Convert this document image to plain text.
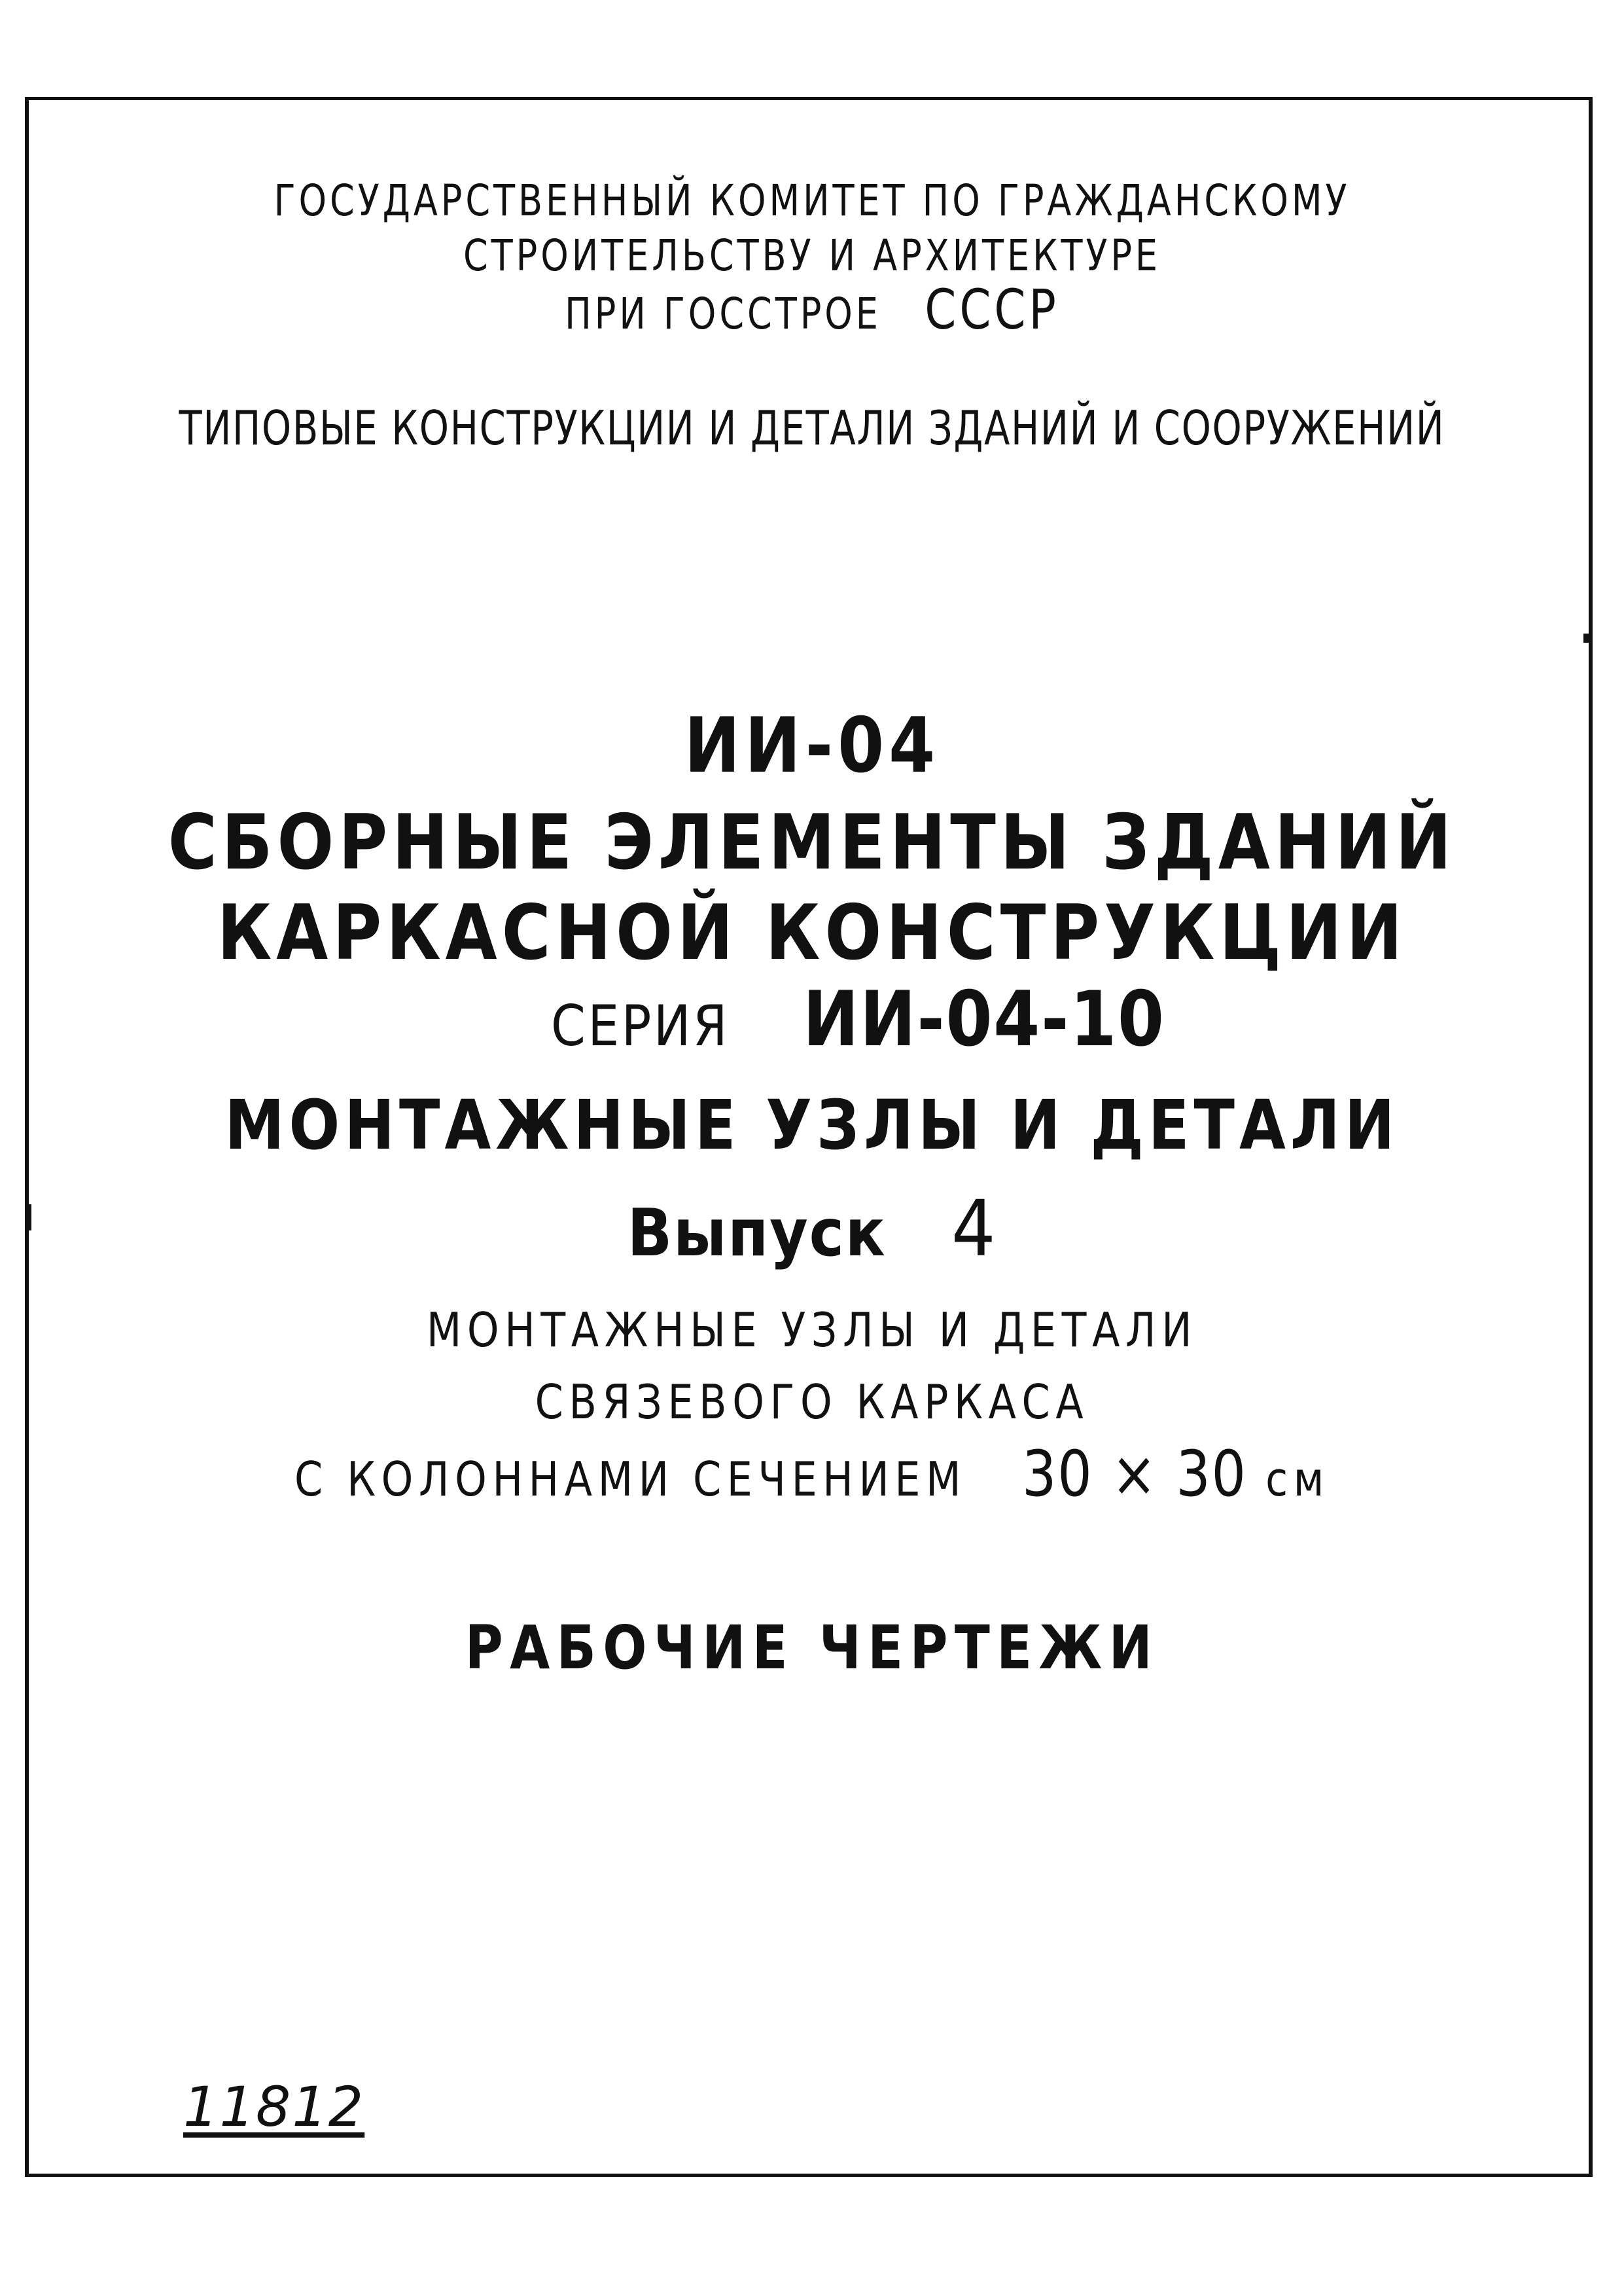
ГОСУДАРСТВЕННЫЙ КОМИТЕТ ПО ГРАЖДАНСКОМУ
СТРОИТЕЛЬСТВУ И АРХИТЕКТУРЕ
ПРИ ГОССТРОЕ СССР
ТИПОВЫЕ КОНСТРУКЦИИ И ДЕТАЛИ ЗДАНИЙ И СООРУЖЕНИЙ
ИИ-04
СБОРНЫЕ ЭЛЕМЕНТЫ ЗДАНИЙ
КАРКАСНОЙ КОНСТРУКЦИИ
СЕРИЯ ИИ-04-10
МОНТАЖНЫЕ УЗЛЫ И ДЕТАЛИ
Выпуск 4
МОНТАЖНЫЕ УЗЛЫ И ДЕТАЛИ
СВЯЗЕВОГО КАРКАСА
С КОЛОННАМИ СЕЧЕНИЕМ 30 × 30 см
РАБОЧИЕ ЧЕРТЕЖИ
11812
